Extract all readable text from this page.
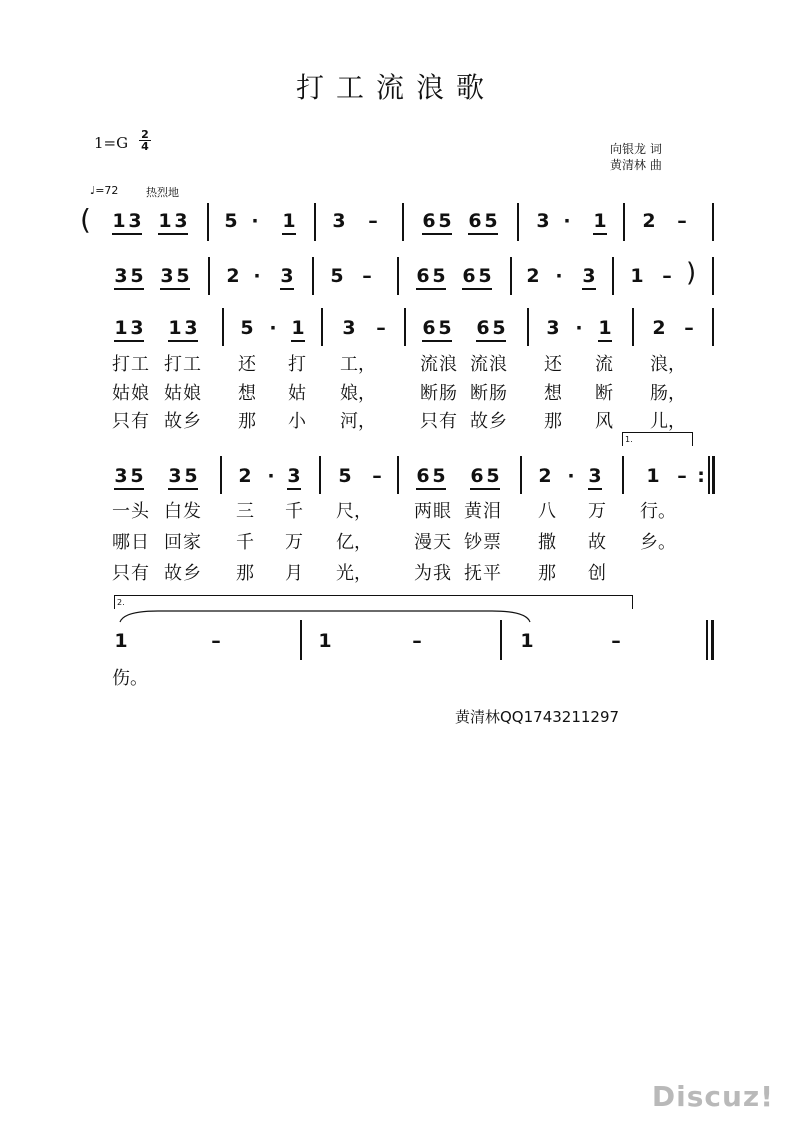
打工流浪歌
1=G 2
4	向银龙 词
黄清林 曲
♩=72	热烈地
( 1 3 1 3 5 · 1 3 – 6 5 6 5 3 · 1 2 –
3 5 3 5 2 · 3 5 – 6 5 6 5 2 · 3 1 – )
1 3 1 3 5 · 1 3 – 6 5 6 5 3 · 1 2 –
打 工 打 工 还 打 工， 流 浪 流 浪 还 流 浪，
姑 娘 姑 娘 想 姑 娘， 断 肠 断 肠 想 断 肠，
只 有 故 乡 那 小 河， 只 有 故 乡 那 风 儿，
1.
3 5 3 5 2 · 3 5 – 6 5 6 5 2 · 3 1 – :
一 头 白 发 三 千 尺， 两 眼 黄 泪 八 万 行。
哪 日 回 家 千 万 亿， 漫 天 钞 票 撒 故 乡。
只 有 故 乡 那 月 光， 为 我 抚 平 那 创
2.
1	–	1	–	1	–
伤。
黄清林QQ1743211297
Discuz!
